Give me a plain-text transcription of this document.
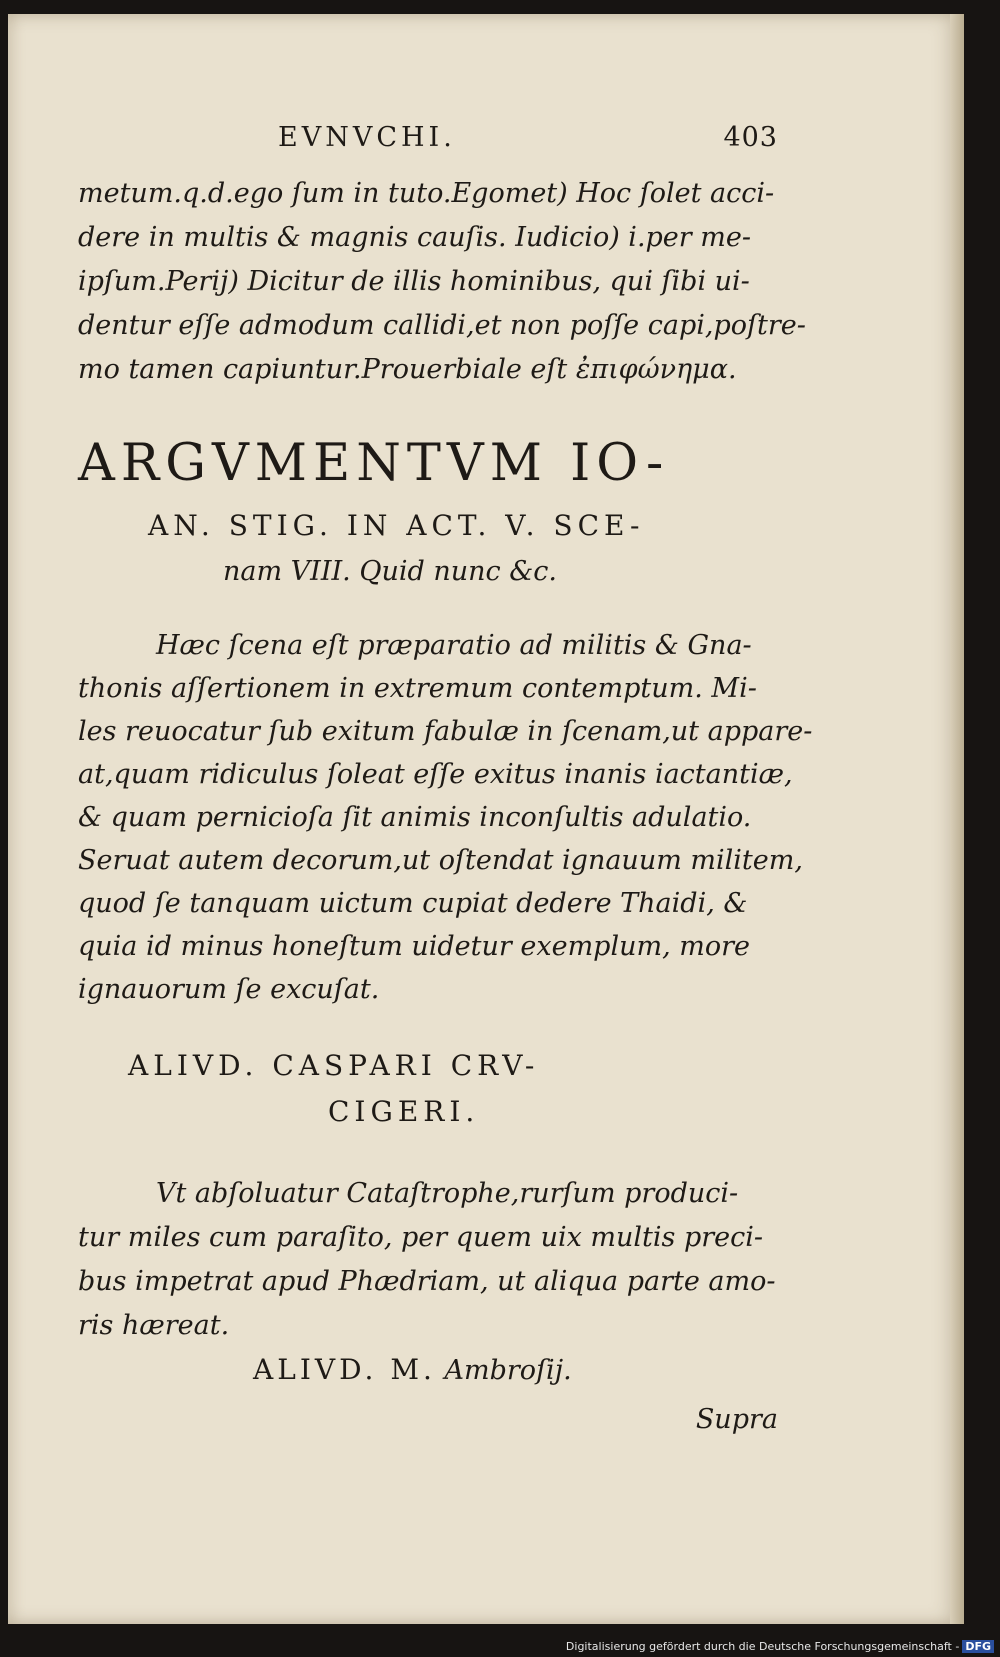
EVNVCHI.	403
metum.q.d.ego ſum in tuto.Egomet) Hoc ſolet acci-
dere in multis & magnis cauſis. Iudicio) i.per me-
ipſum.Perij) Dicitur de illis hominibus, qui ſibi ui-
dentur eſſe admodum callidi,et non poſſe capi,poſtre-
mo tamen capiuntur.Prouerbiale eſt ἐπιφώνημα.
ARGVMENTVM IO-
AN. STIG. IN ACT. V. SCE-
nam VIII. Quid nunc &c.
Hæc ſcena eſt præparatio ad militis & Gna-
thonis aſſertionem in extremum contemptum. Mi-
les reuocatur ſub exitum fabulæ in ſcenam,ut appare-
at,quam ridiculus ſoleat eſſe exitus inanis iactantiæ,
& quam pernicioſa ſit animis inconſultis adulatio.
Seruat autem decorum,ut oſtendat ignauum militem,
quod ſe tanquam uictum cupiat dedere Thaidi, &
quia id minus honeſtum uidetur exemplum, more
ignauorum ſe excuſat.
ALIVD. CASPARI CRV-
CIGERI.
Vt abſoluatur Cataſtrophe,rurſum produci-
tur miles cum paraſito, per quem uix multis preci-
bus impetrat apud Phædriam, ut aliqua parte amo-
ris hæreat.
ALIVD. M. Ambroſij.
Supra
Digitalisierung gefördert durch die Deutsche Forschungsgemeinschaft - DFG
